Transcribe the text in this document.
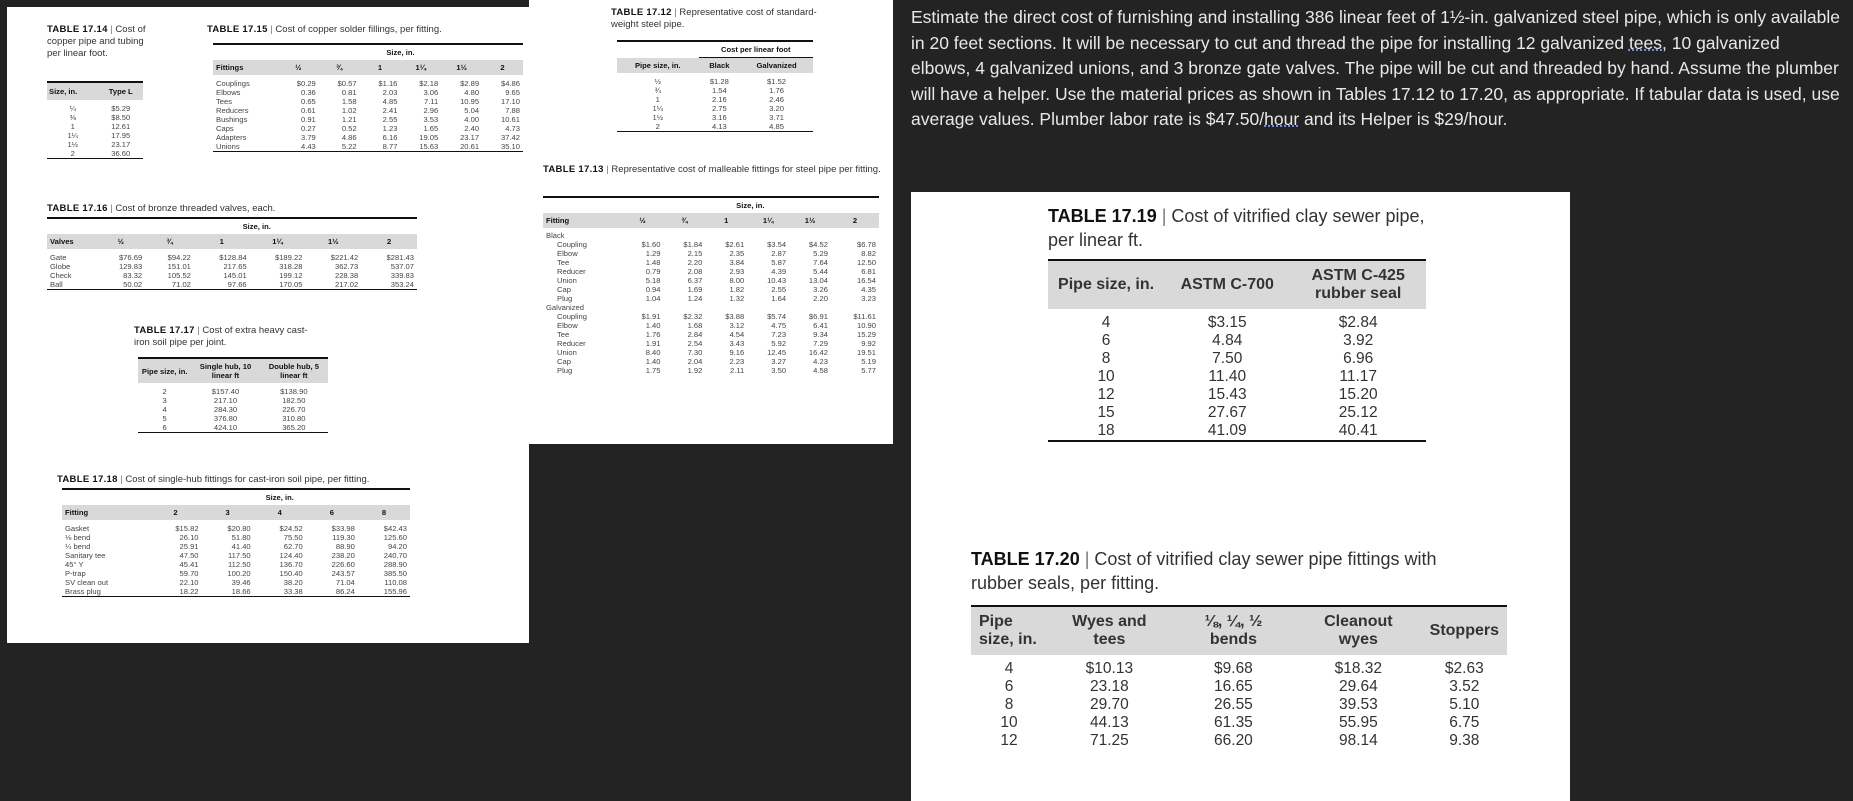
TABLE 17.14 | Cost of copper pipe and tubing per linear foot.
Size, in.	Type L
¼	$5.29
⅜	$8.50
1	12.61
1¼	17.95
1½	23.17
2	36.60
TABLE 17.15 | Cost of copper solder fillings, per fitting.
	Size, in.					
Fittings	½	¾	1	1¼	1½	2
Couplings	$0.29	$0.57	$1.16	$2.18	$2.89	$4.86
Elbows	0.36	0.81	2.03	3.06	4.80	9.65
Tees	0.65	1.58	4.85	7.11	10.95	17.10
Reducers	0.61	1.02	2.41	2.96	5.04	7.88
Bushings	0.91	1.21	2.55	3.53	4.00	10.61
Caps	0.27	0.52	1.23	1.65	2.40	4.73
Adapters	3.79	4.86	6.16	19.05	23.17	37.42
Unions	4.43	5.22	8.77	15.63	20.61	35.10
TABLE 17.16 | Cost of bronze threaded valves, each.
	Size, in.					
Valves	½	¾	1	1¼	1½	2
Gate	$76.69	$94.22	$128.84	$189.22	$221.42	$281.43
Globe	129.83	151.01	217.65	318.28	362.73	537.07
Check	83.32	105.52	145.01	199.12	228.38	339.83
Ball	50.02	71.02	97.66	170.05	217.02	353.24
TABLE 17.17 | Cost of extra heavy cast-iron soil pipe per joint.
Pipe size, in.	Single hub, 10 linear ft	Double hub, 5 linear ft
2	$157.40	$138.90
3	217.10	182.50
4	284.30	226.70
5	376.80	310.80
6	424.10	365.20
TABLE 17.18 | Cost of single-hub fittings for cast-iron soil pipe, per fitting.
	Size, in.				
Fitting	2	3	4	6	8
Gasket	$15.82	$20.80	$24.52	$33.98	$42.43
⅛ bend	26.10	51.80	75.50	119.30	125.60
¼ bend	25.91	41.40	62.70	88.90	94.20
Sanitary tee	47.50	117.50	124.40	238.20	240.70
45° Y	45.41	112.50	136.70	226.60	288.90
P-trap	59.70	100.20	150.40	243.57	385.50
SV clean out	22.10	39.46	38.20	71.04	110.08
Brass plug	18.22	18.66	33.38	86.24	155.96
TABLE 17.12 | Representative cost of standard-weight steel pipe.
	Cost per linear foot	
Pipe size, in.	Black	Galvanized
½	$1.28	$1.52
¾	1.54	1.76
1	2.16	2.46
1¼	2.75	3.20
1½	3.16	3.71
2	4.13	4.85
TABLE 17.13 | Representative cost of malleable fittings for steel pipe per fitting.
	Size, in.					
Fitting	½	¾	1	1¼	1½	2
Black						
Coupling	$1.60	$1.84	$2.61	$3.54	$4.52	$6.78
Elbow	1.29	2.15	2.35	2.87	5.29	8.82
Tee	1.48	2.20	3.84	5.87	7.64	12.50
Reducer	0.79	2.08	2.93	4.39	5.44	6.81
Union	5.18	6.37	8.00	10.43	13.04	16.54
Cap	0.94	1.69	1.82	2.55	3.26	4.35
Plug	1.04	1.24	1.32	1.64	2.20	3.23
Galvanized						
Coupling	$1.91	$2.32	$3.88	$5.74	$6.91	$11.61
Elbow	1.40	1.68	3.12	4.75	6.41	10.90
Tee	1.76	2.84	4.54	7.23	9.34	15.29
Reducer	1.91	2.54	3.43	5.92	7.29	9.92
Union	8.40	7.30	9.16	12.45	16.42	19.51
Cap	1.40	2.04	2.23	3.27	4.23	5.19
Plug	1.75	1.92	2.11	3.50	4.58	5.77
Estimate the direct cost of furnishing and installing 386 linear feet of 1½-in. galvanized steel pipe, which is only available in 20 feet sections. It will be necessary to cut and thread the pipe for installing 12 galvanized tees, 10 galvanized elbows, 4 galvanized unions, and 3 bronze gate valves. The pipe will be cut and threaded by hand. Assume the plumber will have a helper. Use the material prices as shown in Tables 17.12 to 17.20, as appropriate. If tabular data is used, use average values. Plumber labor rate is $47.50/hour and its Helper is $29/hour.
TABLE 17.19 | Cost of vitrified clay sewer pipe, per linear ft.
Pipe size, in.	ASTM C-700	ASTM C-425 rubber seal
4	$3.15	$2.84
6	4.84	3.92
8	7.50	6.96
10	11.40	11.17
12	15.43	15.20
15	27.67	25.12
18	41.09	40.41
TABLE 17.20 | Cost of vitrified clay sewer pipe fittings with rubber seals, per fitting.
Pipe size, in.	Wyes and tees	⅛, ¼, ½ bends	Cleanout wyes	Stoppers
4	$10.13	$9.68	$18.32	$2.63
6	23.18	16.65	29.64	3.52
8	29.70	26.55	39.53	5.10
10	44.13	61.35	55.95	6.75
12	71.25	66.20	98.14	9.38
